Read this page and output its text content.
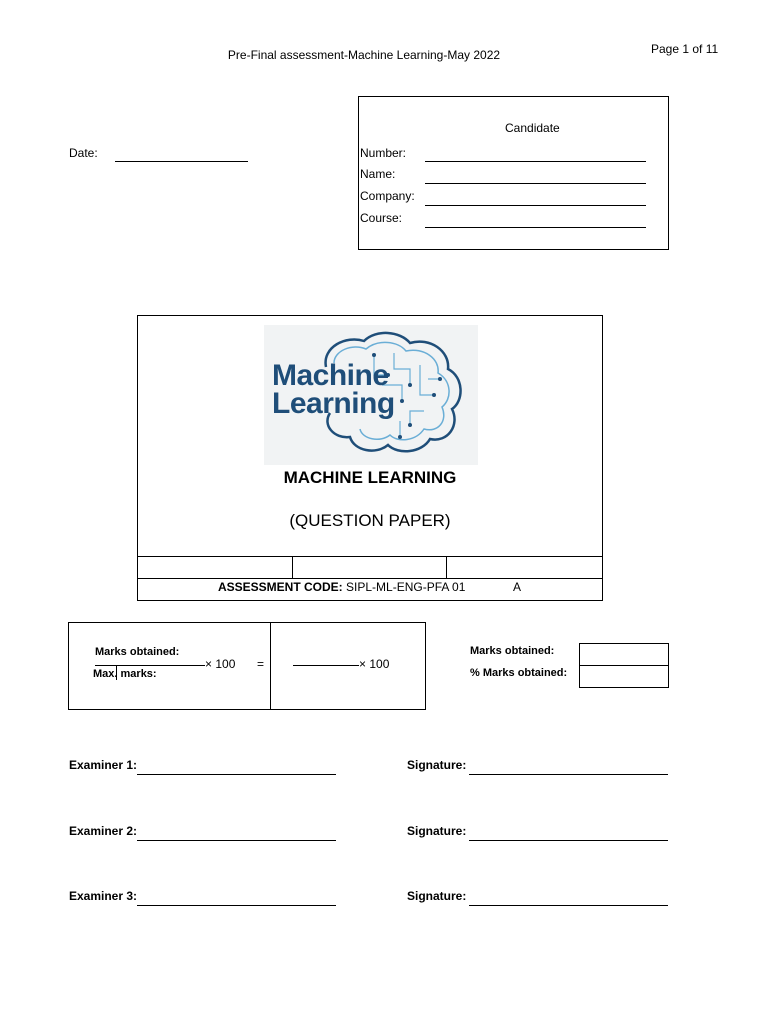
Pre-Final assessment-Machine Learning-May 2022	Page 1 of 11
Date:
Candidate
Number:
Name:
Company:
Course:
Machine
Learning
MACHINE LEARNING
(QUESTION PAPER)
ASSESSMENT CODE: SIPL-ML-ENG-PFA 01	A
Marks obtained:
Max. marks:
× 100 =	× 100
Marks obtained:
% Marks obtained:
Examiner 1:	Signature:
Examiner 2:	Signature:
Examiner 3:	Signature:
